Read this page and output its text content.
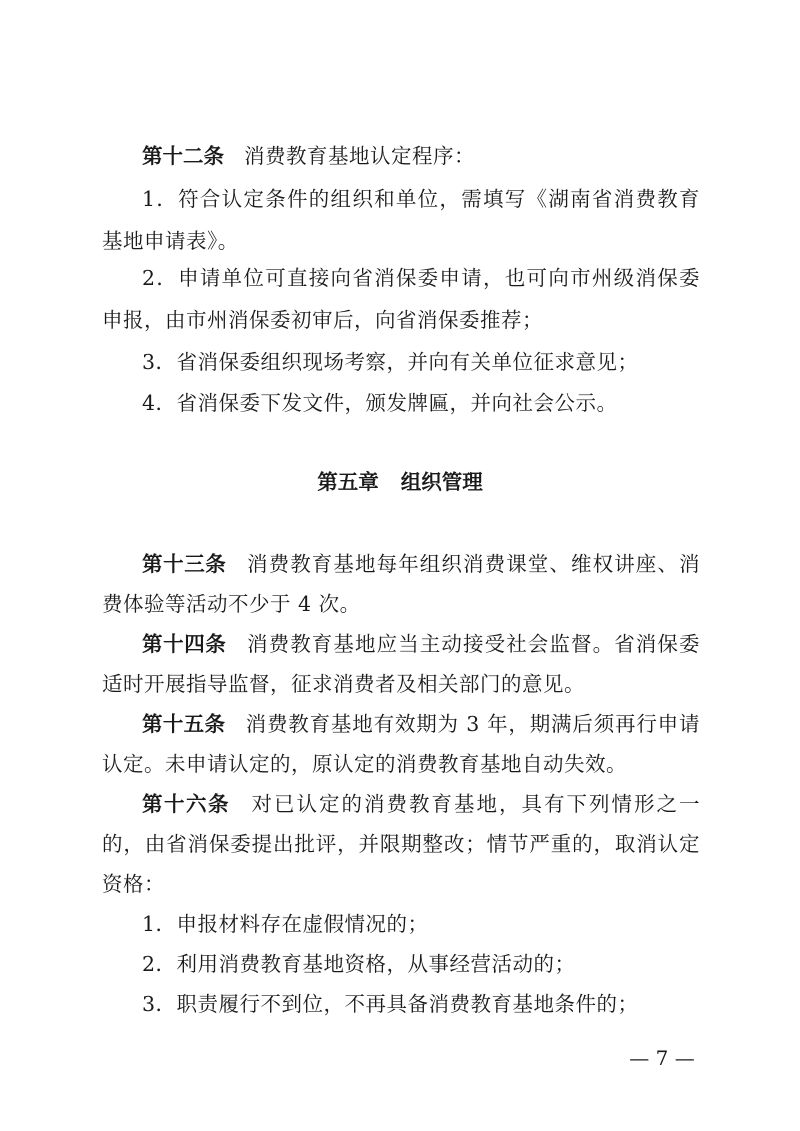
第十二条 消费教育基地认定程序：
1．符合认定条件的组织和单位，需填写《湖南省消费教育
基地申请表》。
2．申请单位可直接向省消保委申请，也可向市州级消保委
申报，由市州消保委初审后，向省消保委推荐；
3．省消保委组织现场考察，并向有关单位征求意见；
4．省消保委下发文件，颁发牌匾，并向社会公示。
第五章 组织管理
第十三条 消费教育基地每年组织消费课堂、维权讲座、消
费体验等活动不少于 4 次。
第十四条 消费教育基地应当主动接受社会监督。省消保委
适时开展指导监督，征求消费者及相关部门的意见。
第十五条 消费教育基地有效期为 3 年，期满后须再行申请
认定。未申请认定的，原认定的消费教育基地自动失效。
第十六条 对已认定的消费教育基地，具有下列情形之一
的，由省消保委提出批评，并限期整改；情节严重的，取消认定
资格：
1．申报材料存在虚假情况的；
2．利用消费教育基地资格，从事经营活动的；
3．职责履行不到位，不再具备消费教育基地条件的；
— 7 —
